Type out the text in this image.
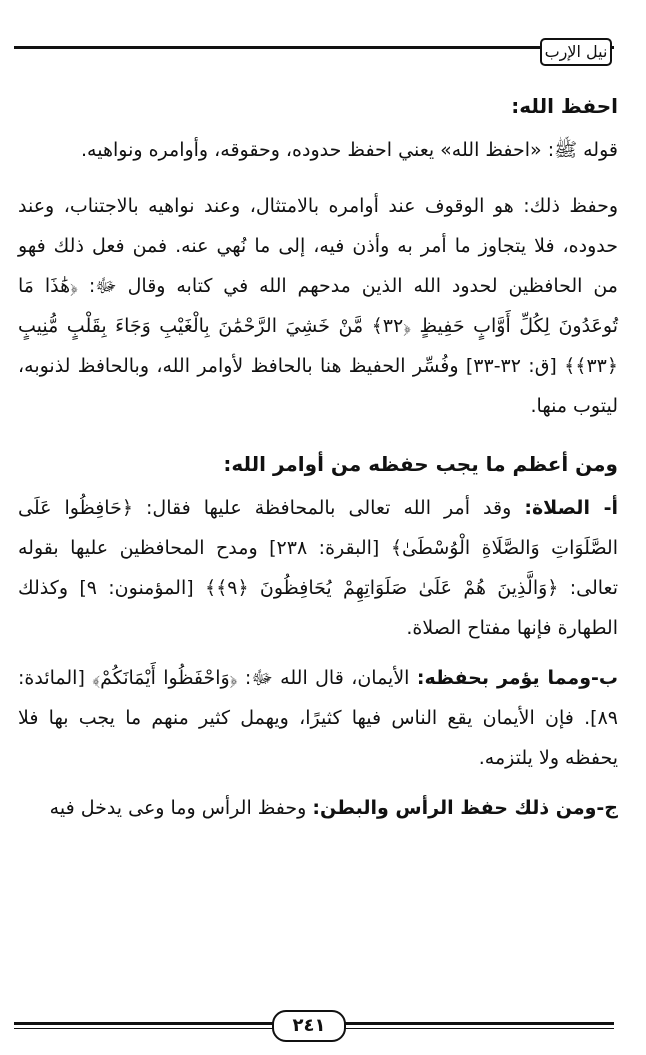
نيل الإرب
احفظ الله:

قوله ﷺ: «احفظ الله» يعني احفظ حدوده، وحقوقه، وأوامره ونواهيه.

وحفظ ذلك: هو الوقوف عند أوامره بالامتثال، وعند نواهيه بالاجتناب، وعند حدوده، فلا يتجاوز ما أمر به وأذن فيه، إلى ما نُهي عنه. فمن فعل ذلك فهو من الحافظين لحدود الله الذين مدحهم الله في كتابه وقال ﷻ: ﴿هَٰذَا مَا تُوعَدُونَ لِكُلِّ أَوَّابٍ حَفِيظٍ ﴿٣٢﴾ مَّنْ خَشِيَ الرَّحْمَٰنَ بِالْغَيْبِ وَجَاءَ بِقَلْبٍ مُّنِيبٍ ﴿٣٣﴾﴾ [ق: ٣٢-٣٣] وفُسِّر الحفيظ هنا بالحافظ لأوامر الله، وبالحافظ لذنوبه، ليتوب منها.

ومن أعظم ما يجب حفظه من أوامر الله:

أ- الصلاة: وقد أمر الله تعالى بالمحافظة عليها فقال: ﴿حَافِظُوا عَلَى الصَّلَوَاتِ وَالصَّلَاةِ الْوُسْطَىٰ﴾ [البقرة: ٢٣٨] ومدح المحافظين عليها بقوله تعالى: ﴿وَالَّذِينَ هُمْ عَلَىٰ صَلَوَاتِهِمْ يُحَافِظُونَ ﴿٩﴾﴾ [المؤمنون: ٩] وكذلك الطهارة فإنها مفتاح الصلاة.

ب-ومما يؤمر بحفظه: الأيمان، قال الله ﷻ: ﴿وَاحْفَظُوا أَيْمَانَكُمْ﴾ [المائدة: ٨٩]. فإن الأيمان يقع الناس فيها كثيرًا، ويهمل كثير منهم ما يجب بها فلا يحفظه ولا يلتزمه.

ج-ومن ذلك حفظ الرأس والبطن: وحفظ الرأس وما وعى يدخل فيه

٢٤١
